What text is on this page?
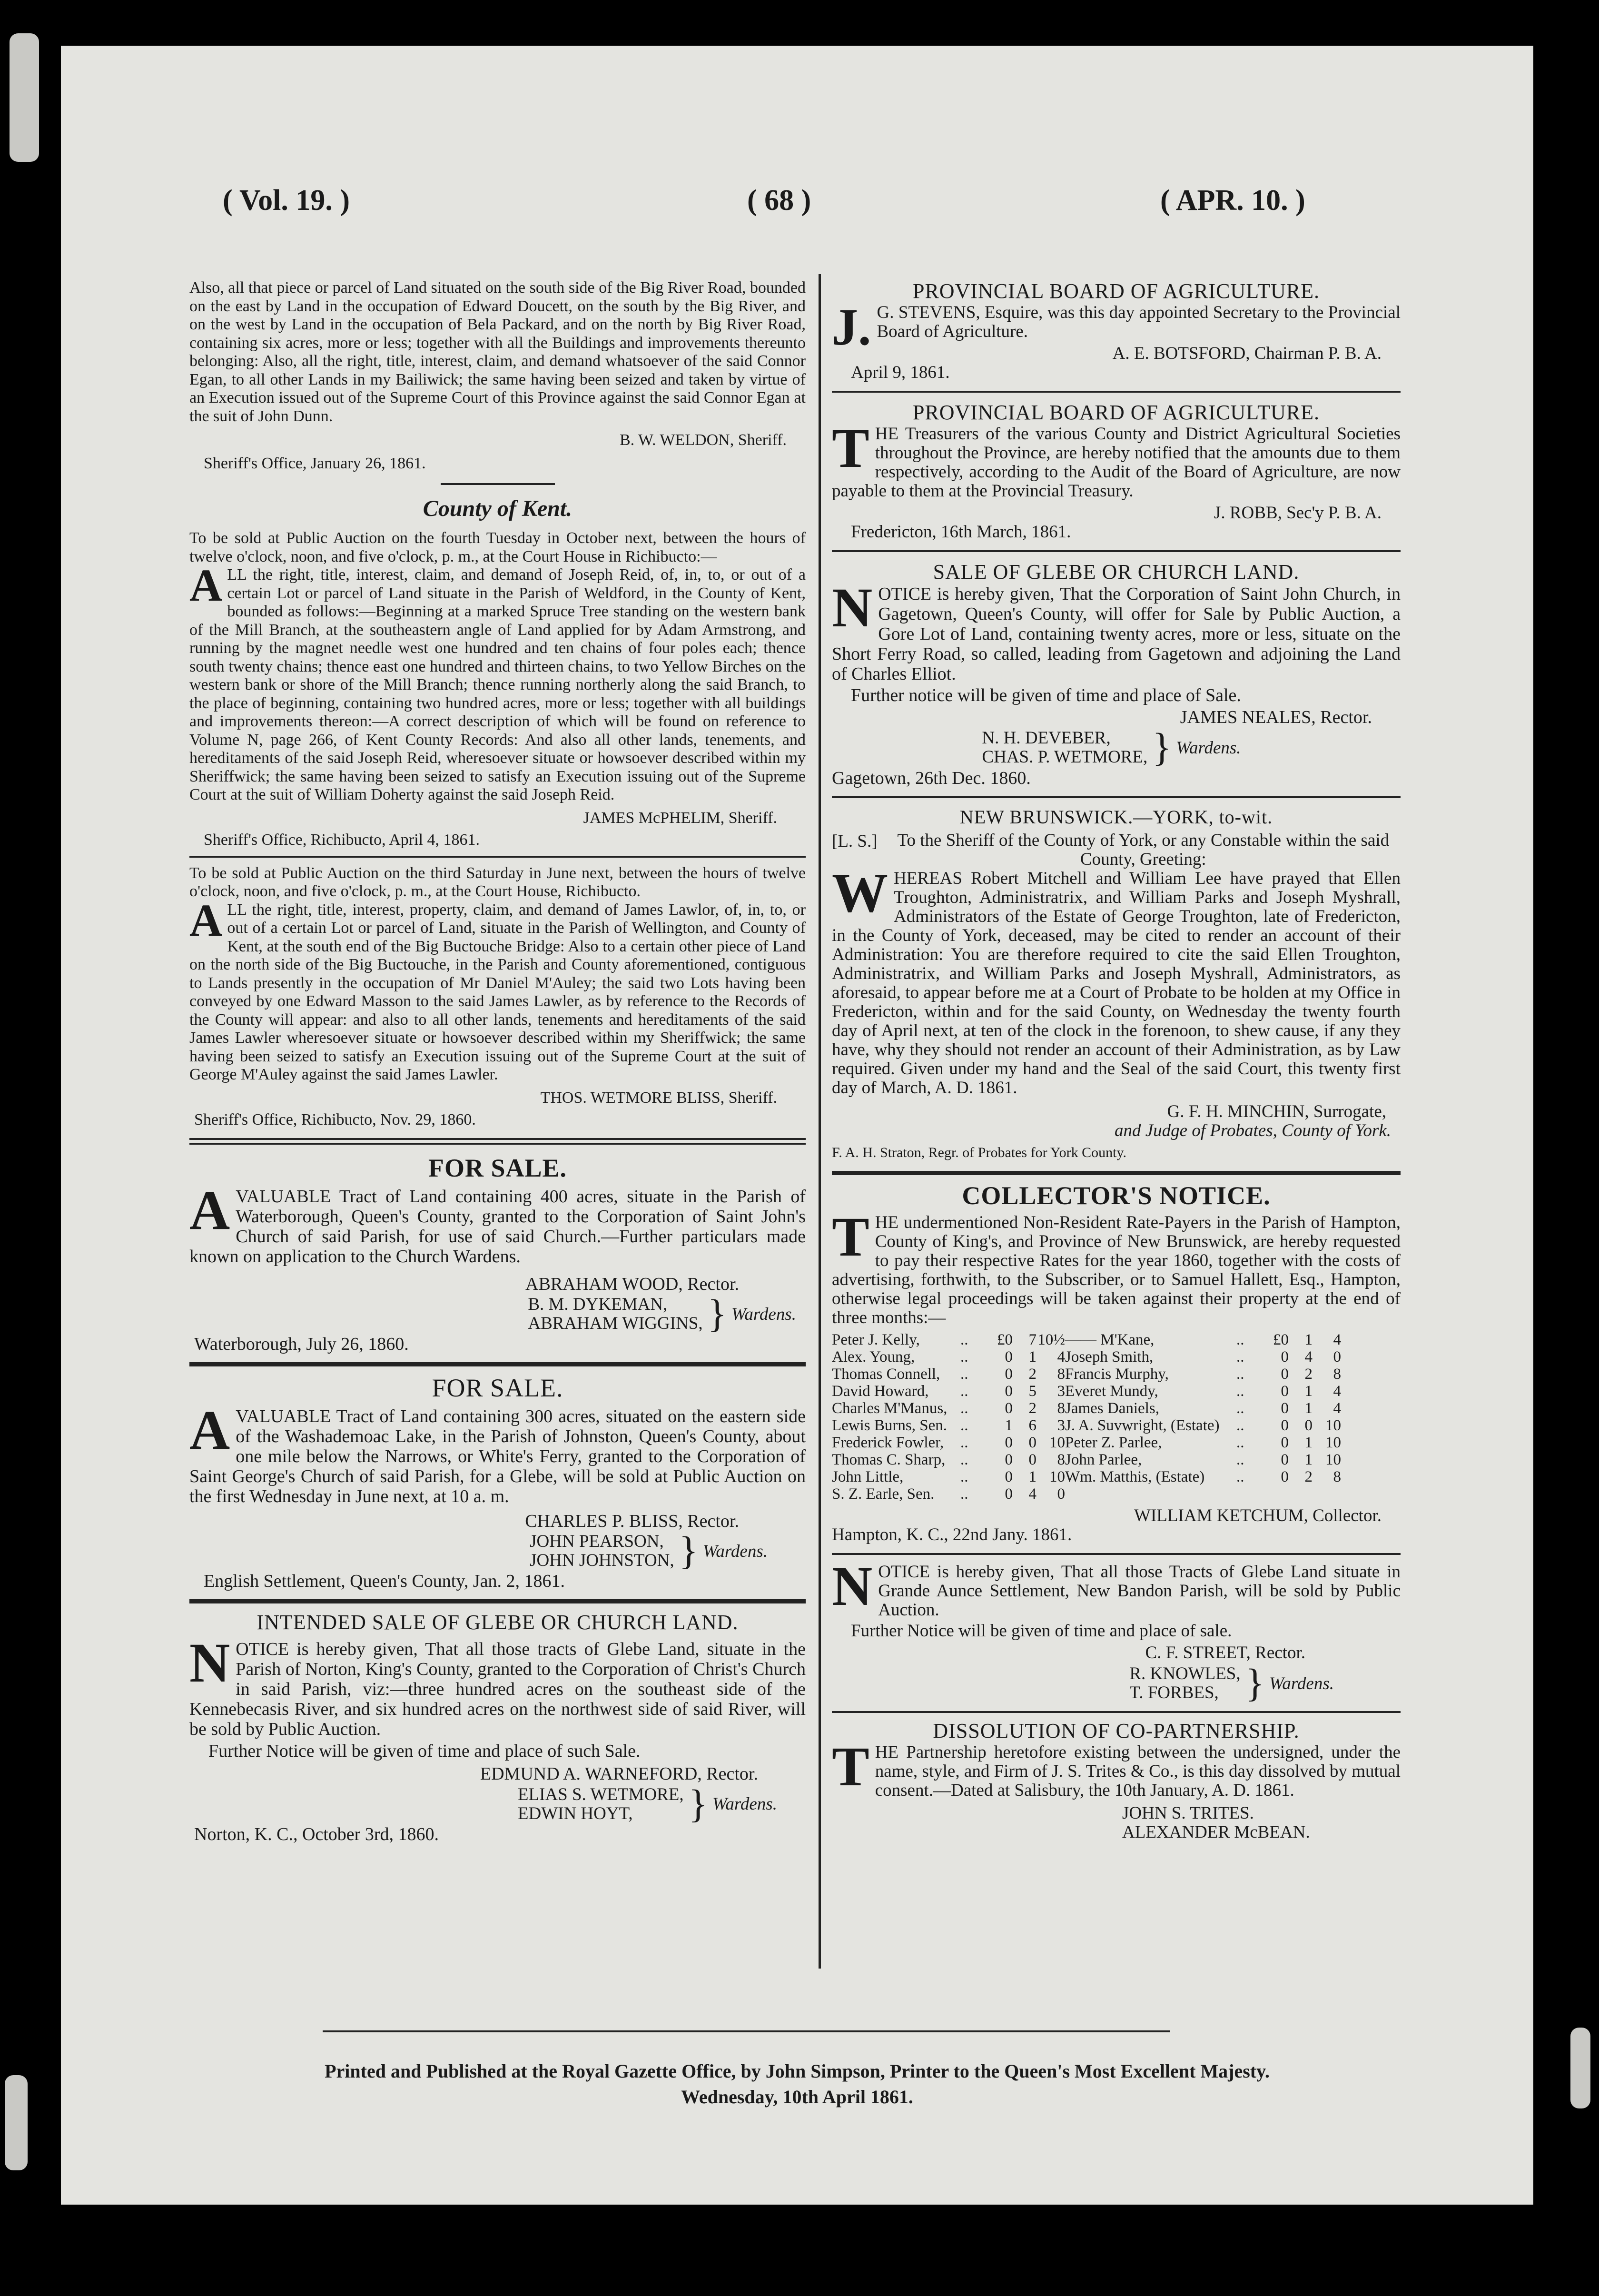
( Vol. 19. )	( 68 )	( APR. 10. )

Also, all that piece or parcel of Land situated on the south side of the Big River Road, bounded on the east by Land in the occupation of Edward Doucett, on the south by the Big River, and on the west by Land in the occupation of Bela Packard, and on the north by Big River Road, containing six acres, more or less; together with all the Buildings and improvements thereunto belonging: Also, all the right, title, interest, claim, and demand whatsoever of the said Connor Egan, to all other Lands in my Bailiwick; the same having been seized and taken by virtue of an Execution issued out of the Supreme Court of this Province against the said Connor Egan at the suit of John Dunn.

B. W. WELDON, Sheriff.

Sheriff's Office, January 26, 1861.

County of Kent.

To be sold at Public Auction on the fourth Tuesday in October next, between the hours of twelve o'clock, noon, and five o'clock, p. m., at the Court House in Richibucto:—

ALL the right, title, interest, claim, and demand of Joseph Reid, of, in, to, or out of a certain Lot or parcel of Land situate in the Parish of Weldford, in the County of Kent, bounded as follows:—Beginning at a marked Spruce Tree standing on the western bank of the Mill Branch, at the southeastern angle of Land applied for by Adam Armstrong, and running by the magnet needle west one hundred and ten chains of four poles each; thence south twenty chains; thence east one hundred and thirteen chains, to two Yellow Birches on the western bank or shore of the Mill Branch; thence running northerly along the said Branch, to the place of beginning, containing two hundred acres, more or less; together with all buildings and improvements thereon:—A correct description of which will be found on reference to Volume N, page 266, of Kent County Records: And also all other lands, tenements, and hereditaments of the said Joseph Reid, wheresoever situate or howsoever described within my Sheriffwick; the same having been seized to satisfy an Execution issuing out of the Supreme Court at the suit of William Doherty against the said Joseph Reid.

JAMES McPHELIM, Sheriff.

Sheriff's Office, Richibucto, April 4, 1861.

To be sold at Public Auction on the third Saturday in June next, between the hours of twelve o'clock, noon, and five o'clock, p. m., at the Court House, Richibucto.

ALL the right, title, interest, property, claim, and demand of James Lawlor, of, in, to, or out of a certain Lot or parcel of Land, situate in the Parish of Wellington, and County of Kent, at the south end of the Big Buctouche Bridge: Also to a certain other piece of Land on the north side of the Big Buctouche, in the Parish and County aforementioned, contiguous to Lands presently in the occupation of Mr Daniel M'Auley; the said two Lots having been conveyed by one Edward Masson to the said James Lawler, as by reference to the Records of the County will appear: and also to all other lands, tenements and hereditaments of the said James Lawler wheresoever situate or howsoever described within my Sheriffwick; the same having been seized to satisfy an Execution issuing out of the Supreme Court at the suit of George M'Auley against the said James Lawler.

THOS. WETMORE BLISS, Sheriff.

Sheriff's Office, Richibucto, Nov. 29, 1860.

FOR SALE.

AVALUABLE Tract of Land containing 400 acres, situate in the Parish of Waterborough, Queen's County, granted to the Corporation of Saint John's Church of said Parish, for use of said Church.—Further particulars made known on application to the Church Wardens.

ABRAHAM WOOD, Rector.

B. M. DYKEMAN,
ABRAHAM WIGGINS, } Wardens.

Waterborough, July 26, 1860.

FOR SALE.

AVALUABLE Tract of Land containing 300 acres, situated on the eastern side of the Washademoac Lake, in the Parish of Johnston, Queen's County, about one mile below the Narrows, or White's Ferry, granted to the Corporation of Saint George's Church of said Parish, for a Glebe, will be sold at Public Auction on the first Wednesday in June next, at 10 a. m.

CHARLES P. BLISS, Rector.

JOHN PEARSON,
JOHN JOHNSTON, } Wardens.

English Settlement, Queen's County, Jan. 2, 1861.

INTENDED SALE OF GLEBE OR CHURCH LAND.

NOTICE is hereby given, That all those tracts of Glebe Land, situate in the Parish of Norton, King's County, granted to the Corporation of Christ's Church in said Parish, viz:—three hundred acres on the southeast side of the Kennebecasis River, and six hundred acres on the northwest side of said River, will be sold by Public Auction.

Further Notice will be given of time and place of such Sale.

EDMUND A. WARNEFORD, Rector.

ELIAS S. WETMORE,
EDWIN HOYT,	} Wardens.

Norton, K. C., October 3rd, 1860.

PROVINCIAL BOARD OF AGRICULTURE.

J. G. STEVENS, Esquire, was this day appointed Secretary to the Provincial Board of Agriculture.

A. E. BOTSFORD, Chairman P. B. A.

April 9, 1861.

PROVINCIAL BOARD OF AGRICULTURE.

THE Treasurers of the various County and District Agricultural Societies throughout the Province, are hereby notified that the amounts due to them respectively, according to the Audit of the Board of Agriculture, are now payable to them at the Provincial Treasury.

J. ROBB, Sec'y P. B. A.

Fredericton, 16th March, 1861.

SALE OF GLEBE OR CHURCH LAND.

NOTICE is hereby given, That the Corporation of Saint John Church, in Gagetown, Queen's County, will offer for Sale by Public Auction, a Gore Lot of Land, containing twenty acres, more or less, situate on the Short Ferry Road, so called, leading from Gagetown and adjoining the Land of Charles Elliot.

Further notice will be given of time and place of Sale.

JAMES NEALES, Rector.

N. H. DEVEBER,
CHAS. P. WETMORE, } Wardens.

Gagetown, 26th Dec. 1860.

NEW BRUNSWICK.—YORK, to-wit.
[L. S.]	To the Sheriff of the County of York, or any Constable within the said County, Greeting:

WHEREAS Robert Mitchell and William Lee have prayed that Ellen Troughton, Administratrix, and William Parks and Joseph Myshrall, Administrators of the Estate of George Troughton, late of Fredericton, in the County of York, deceased, may be cited to render an account of their Administration: You are therefore required to cite the said Ellen Troughton, Administratrix, and William Parks and Joseph Myshrall, Administrators, as aforesaid, to appear before me at a Court of Probate to be holden at my Office in Fredericton, within and for the said County, on Wednesday the twenty fourth day of April next, at ten of the clock in the forenoon, to shew cause, if any they have, why they should not render an account of their Administration, as by Law required. Given under my hand and the Seal of the said Court, this twenty first day of March, A. D. 1861.

G. F. H. MINCHIN, Surrogate,

and Judge of Probates, County of York.

F. A. H. Straton, Regr. of Probates for York County.

COLLECTOR'S NOTICE.

THE undermentioned Non-Resident Rate-Payers in the Parish of Hampton, County of King's, and Province of New Brunswick, are hereby requested to pay their respective Rates for the year 1860, together with the costs of advertising, forthwith, to the Subscriber, or to Samuel Hallett, Esq., Hampton, otherwise legal proceedings will be taken against their property at the end of three months:—

Peter J. Kelly,	..	£0	7 10½ —— M'Kane,	..	£0	1	4
Alex. Young,	..	0	1	4 Joseph Smith,	..	0	4	0
Thomas Connell,	..	0	2	8 Francis Murphy,	..	0	2	8
David Howard,	..	0	5	3 Everet Mundy,	..	0	1	4
Charles M'Manus, ..	0	2	8 James Daniels,	..	0	1	4
Lewis Burns, Sen. ..	1	6	3 J. A. Suvwright, (Estate)	..	0	0 10
Frederick Fowler,	..	0	0 10 Peter Z. Parlee,	..	0	1 10
Thomas C. Sharp, ..	0	0	8 John Parlee,	..	0	1 10
John Little,	..	0	1 10 Wm. Matthis, (Estate)	..	0	2	8
S. Z. Earle, Sen.	..	0	4	0

WILLIAM KETCHUM, Collector.

Hampton, K. C., 22nd Jany. 1861.

NOTICE is hereby given, That all those Tracts of Glebe Land situate in Grande Aunce Settlement, New Bandon Parish, will be sold by Public Auction.

Further Notice will be given of time and place of sale.

C. F. STREET, Rector.

R. KNOWLES,
T. FORBES, } Wardens.
DISSOLUTION OF CO-PARTNERSHIP.

THE Partnership heretofore existing between the undersigned, under the name, style, and Firm of J. S. Trites & Co., is this day dissolved by mutual consent.—Dated at Salisbury, the 10th January, A. D. 1861.

JOHN S. TRITES.

ALEXANDER McBEAN.

Printed and Published at the Royal Gazette Office, by John Simpson, Printer to the Queen's Most Excellent Majesty.
Wednesday, 10th April 1861.
